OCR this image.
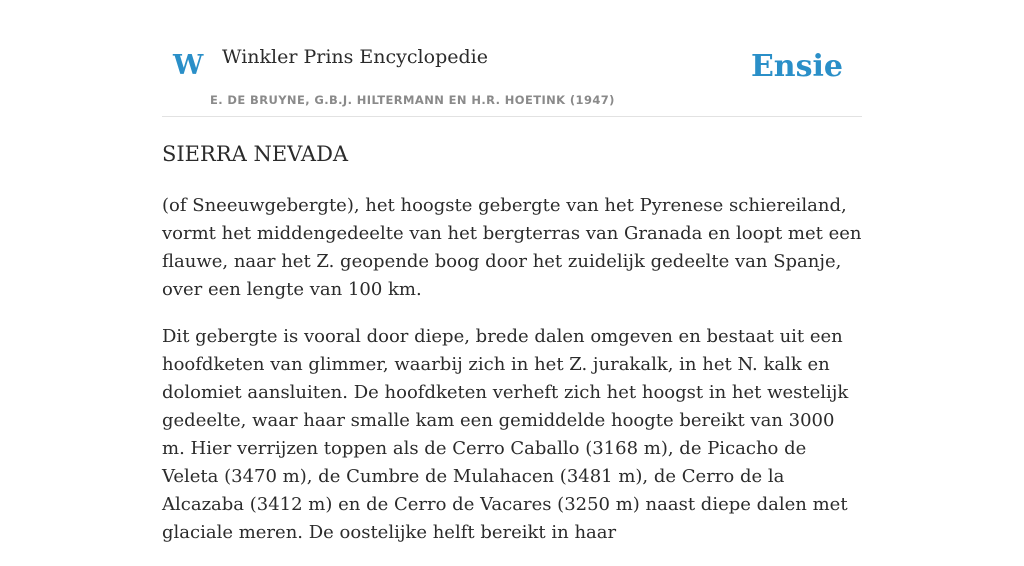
W Winkler Prins Encyclopedie
E. DE BRUYNE, G.B.J. HILTERMANN EN H.R. HOETINK (1947)
Ensie
SIERRA NEVADA

(of Sneeuwgebergte), het hoogste gebergte van het Pyrenese schiereiland, vormt het middengedeelte van het bergterras van Granada en loopt met een flauwe, naar het Z. geopende boog door het zuidelijk gedeelte van Spanje, over een lengte van 100 km.

Dit gebergte is vooral door diepe, brede dalen omgeven en bestaat uit een hoofdketen van glimmer, waarbij zich in het Z. jurakalk, in het N. kalk en dolomiet aansluiten. De hoofdketen verheft zich het hoogst in het westelijk gedeelte, waar haar smalle kam een gemiddelde hoogte bereikt van 3000 m. Hier verrijzen toppen als de Cerro Caballo (3168 m), de Picacho de Veleta (3470 m), de Cumbre de Mulahacen (3481 m), de Cerro de la Alcazaba (3412 m) en de Cerro de Vacares (3250 m) naast diepe dalen met glaciale meren. De oostelijke helft bereikt in haar
